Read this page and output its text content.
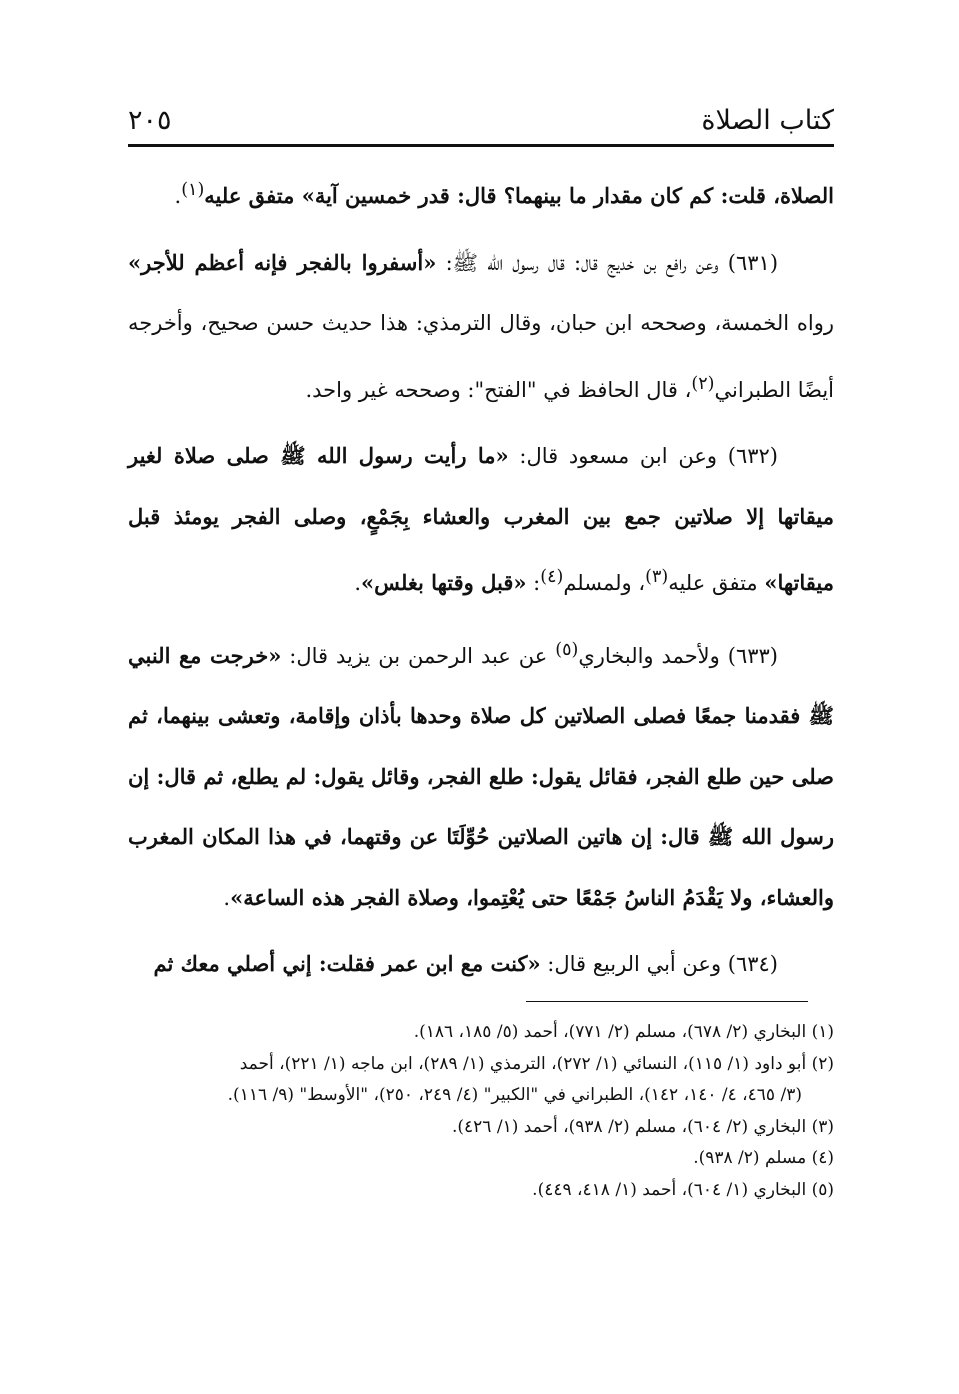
كتاب الصلاة
٢٠٥

الصلاة، قلت: كم كان مقدار ما بينهما؟ قال: قدر خمسين آية» متفق عليه$^{(١)}$.

(٦٣١) وعن رافع بن خديج قال: قال رسول الله ﷺ: «أسفروا بالفجر فإنه أعظم للأجر» رواه الخمسة، وصححه ابن حبان، وقال الترمذي: هذا حديث حسن صحيح، وأخرجه أيضًا الطبراني$^{(٢)}$، قال الحافظ في "الفتح": وصححه غير واحد.

(٦٣٢) وعن ابن مسعود قال: «ما رأيت رسول الله ﷺ صلى صلاة لغير ميقاتها إلا صلاتين جمع بين المغرب والعشاء بِجَمْعٍ، وصلى الفجر يومئذ قبل ميقاتها» متفق عليه$^{(٣)}$، ولمسلم$^{(٤)}$: «قبل وقتها بغلس».

(٦٣٣) ولأحمد والبخاري$^{(٥)}$ عن عبد الرحمن بن يزيد قال: «خرجت مع النبي ﷺ فقدمنا جمعًا فصلى الصلاتين كل صلاة وحدها بأذان وإقامة، وتعشى بينهما، ثم صلى حين طلع الفجر، فقائل يقول: طلع الفجر، وقائل يقول: لم يطلع، ثم قال: إن رسول الله ﷺ قال: إن هاتين الصلاتين حُوِّلَتَا عن وقتهما، في هذا المكان المغرب والعشاء، ولا يَقْدَمُ الناسُ جَمْعًا حتى يُعْتِموا، وصلاة الفجر هذه الساعة».

(٦٣٤) وعن أبي الربيع قال: «كنت مع ابن عمر فقلت: إني أصلي معك ثم

(١) البخاري (٢/ ٦٧٨)، مسلم (٢/ ٧٧١)، أحمد (٥/ ١٨٥، ١٨٦).

(٢) أبو داود (١/ ١١٥)، النسائي (١/ ٢٧٢)، الترمذي (١/ ٢٨٩)، ابن ماجه (١/ ٢٢١)، أحمد

(٣/ ٤٦٥، ٤/ ١٤٠، ١٤٢)، الطبراني في "الكبير" (٤/ ٢٤٩، ٢٥٠)، "الأوسط" (٩/ ١١٦).

(٣) البخاري (٢/ ٦٠٤)، مسلم (٢/ ٩٣٨)، أحمد (١/ ٤٢٦).

(٤) مسلم (٢/ ٩٣٨).

(٥) البخاري (١/ ٦٠٤)، أحمد (١/ ٤١٨، ٤٤٩).
